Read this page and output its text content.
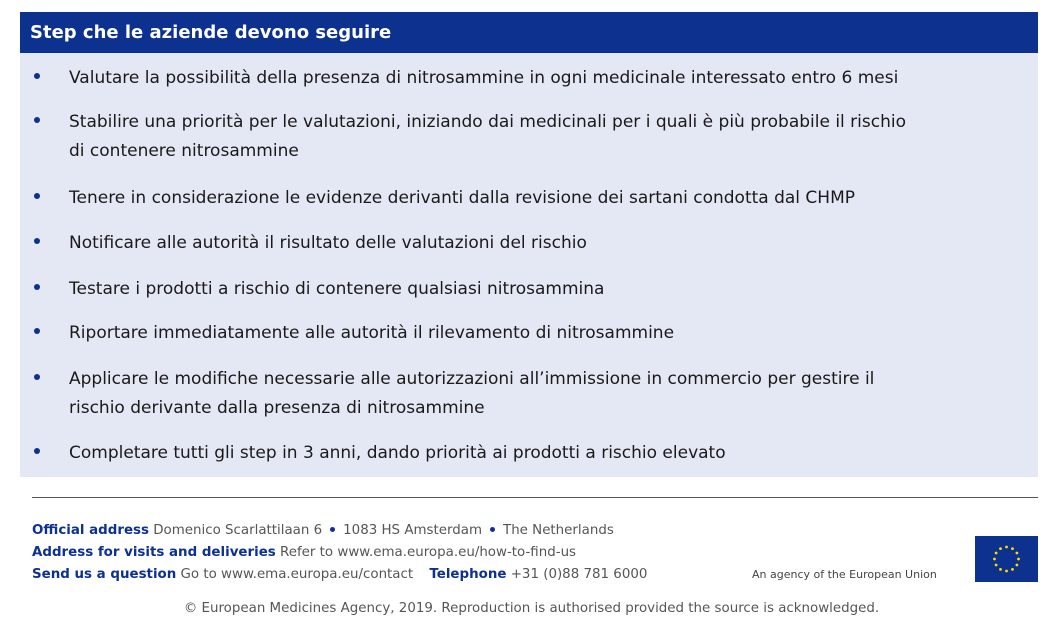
Step che le aziende devono seguire
Valutare la possibilità della presenza di nitrosammine in ogni medicinale interessato entro 6 mesi
Stabilire una priorità per le valutazioni, iniziando dai medicinali per i quali è più probabile il rischio
di contenere nitrosammine
Tenere in considerazione le evidenze derivanti dalla revisione dei sartani condotta dal CHMP
Notificare alle autorità il risultato delle valutazioni del rischio
Testare i prodotti a rischio di contenere qualsiasi nitrosammina
Riportare immediatamente alle autorità il rilevamento di nitrosammine
Applicare le modifiche necessarie alle autorizzazioni all’immissione in commercio per gestire il
rischio derivante dalla presenza di nitrosammine
Completare tutti gli step in 3 anni, dando priorità ai prodotti a rischio elevato
Official address Domenico Scarlattilaan 6 1083 HS Amsterdam The Netherlands
Address for visits and deliveries Refer to www.ema.europa.eu/how-to-find-us
Send us a question Go to www.ema.europa.eu/contact Telephone +31 (0)88 781 6000	An agency of the European Union
© European Medicines Agency, 2019. Reproduction is authorised provided the source is acknowledged.
